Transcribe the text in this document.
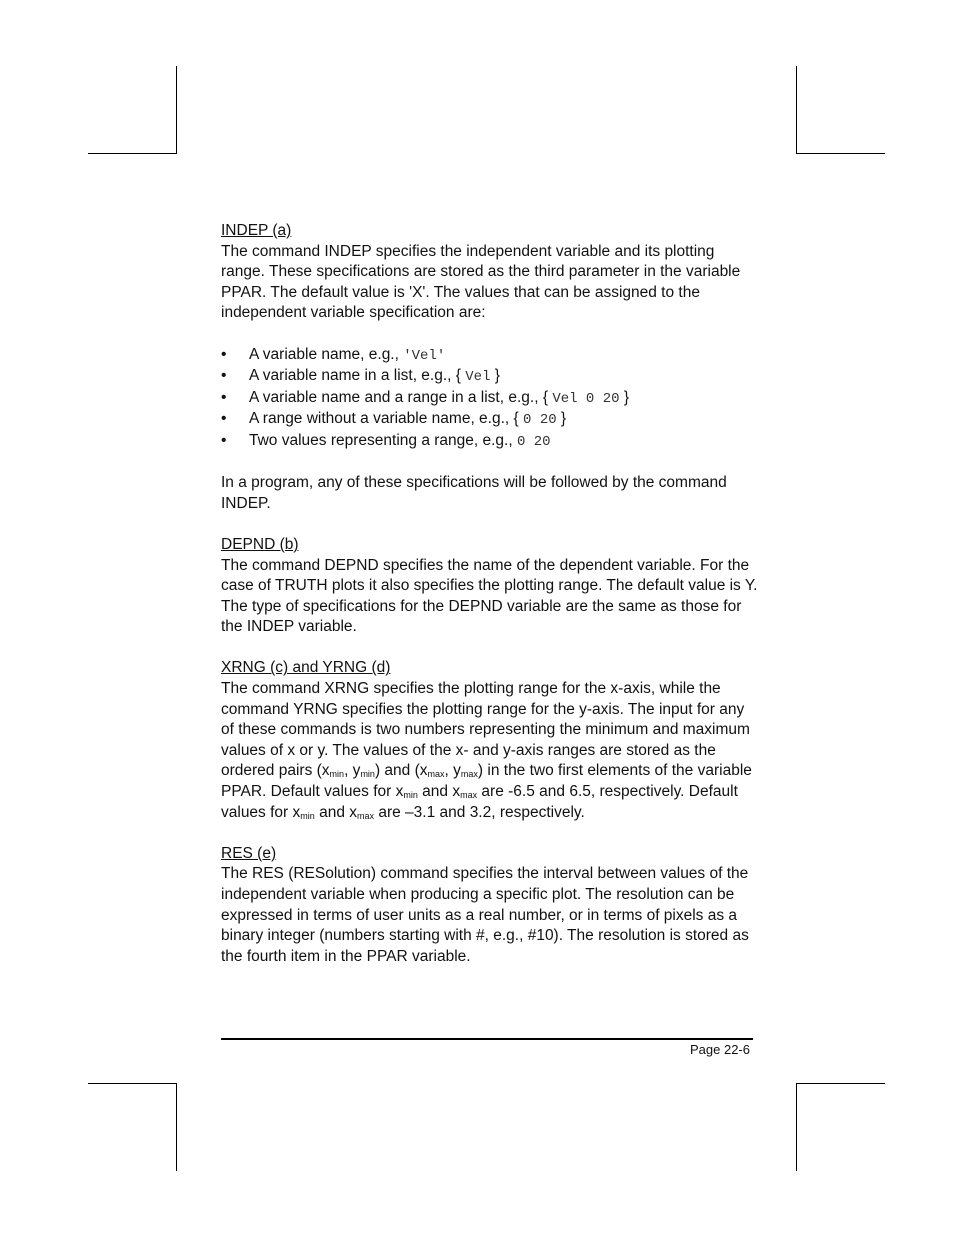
INDEP (a)

The command INDEP specifies the independent variable and its plotting range. These specifications are stored as the third parameter in the variable PPAR. The default value is 'X'. The values that can be assigned to the independent variable specification are:

• A variable name, e.g., 'Vel'
• A variable name in a list, e.g., { Vel }
• A variable name and a range in a list, e.g., { Vel 0 20 }
• A range without a variable name, e.g., { 0 20 }
• Two values representing a range, e.g., 0 20

In a program, any of these specifications will be followed by the command INDEP.

DEPND (b)

The command DEPND specifies the name of the dependent variable. For the case of TRUTH plots it also specifies the plotting range. The default value is Y. The type of specifications for the DEPND variable are the same as those for the INDEP variable.

XRNG (c) and YRNG (d)

The command XRNG specifies the plotting range for the x-axis, while the command YRNG specifies the plotting range for the y-axis. The input for any of these commands is two numbers representing the minimum and maximum values of x or y. The values of the x- and y-axis ranges are stored as the ordered pairs ($x_{min}$, $y_{min}$) and ($x_{max}$, $y_{max}$) in the two first elements of the variable PPAR. Default values for $x_{min}$ and $x_{max}$ are -6.5 and 6.5, respectively. Default values for $x_{min}$ and $x_{max}$ are –3.1 and 3.2, respectively.

RES (e)

The RES (RESolution) command specifies the interval between values of the independent variable when producing a specific plot. The resolution can be expressed in terms of user units as a real number, or in terms of pixels as a binary integer (numbers starting with #, e.g., #10). The resolution is stored as the fourth item in the PPAR variable.

Page 22-6
